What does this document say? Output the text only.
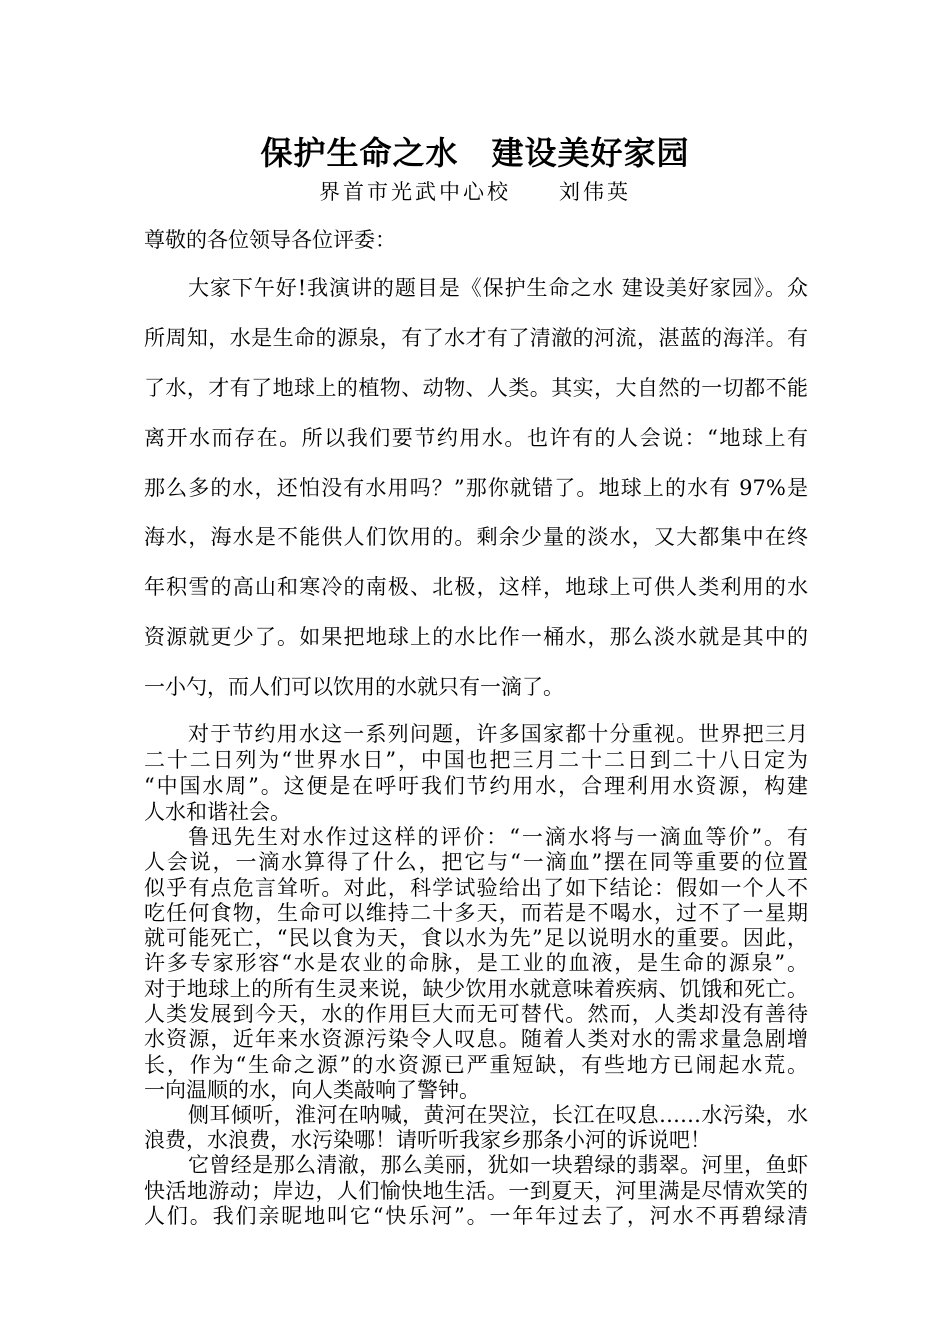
保护生命之水　建设美好家园
界首市光武中心校　　刘伟英
尊敬的各位领导各位评委：
大家下午好!我演讲的题目是《保护生命之水 建设美好家园》。众
所周知，水是生命的源泉，有了水才有了清澈的河流，湛蓝的海洋。有
了水，才有了地球上的植物、动物、人类。其实，大自然的一切都不能
离开水而存在。所以我们要节约用水。也许有的人会说：“地球上有
那么多的水，还怕没有水用吗？”那你就错了。地球上的水有 97%是
海水，海水是不能供人们饮用的。剩余少量的淡水，又大都集中在终
年积雪的高山和寒冷的南极、北极，这样，地球上可供人类利用的水
资源就更少了。如果把地球上的水比作一桶水，那么淡水就是其中的
一小勺，而人们可以饮用的水就只有一滴了。
对于节约用水这一系列问题，许多国家都十分重视。世界把三月
二十二日列为“世界水日”，中国也把三月二十二日到二十八日定为
“中国水周”。这便是在呼吁我们节约用水，合理利用水资源，构建
人水和谐社会。
鲁迅先生对水作过这样的评价：“一滴水将与一滴血等价”。有
人会说，一滴水算得了什么，把它与“一滴血”摆在同等重要的位置
似乎有点危言耸听。对此，科学试验给出了如下结论：假如一个人不
吃任何食物，生命可以维持二十多天，而若是不喝水，过不了一星期
就可能死亡，“民以食为天，食以水为先”足以说明水的重要。因此，
许多专家形容“水是农业的命脉，是工业的血液，是生命的源泉”。
对于地球上的所有生灵来说，缺少饮用水就意味着疾病、饥饿和死亡。
人类发展到今天，水的作用巨大而无可替代。然而，人类却没有善待
水资源，近年来水资源污染令人叹息。随着人类对水的需求量急剧增
长，作为“生命之源”的水资源已严重短缺，有些地方已闹起水荒。
一向温顺的水，向人类敲响了警钟。
侧耳倾听，淮河在呐喊，黄河在哭泣，长江在叹息……水污染，水
浪费，水浪费，水污染哪！请听听我家乡那条小河的诉说吧！
它曾经是那么清澈，那么美丽，犹如一块碧绿的翡翠。河里，鱼虾
快活地游动；岸边，人们愉快地生活。一到夏天，河里满是尽情欢笑的
人们。我们亲昵地叫它“快乐河”。一年年过去了，河水不再碧绿清
